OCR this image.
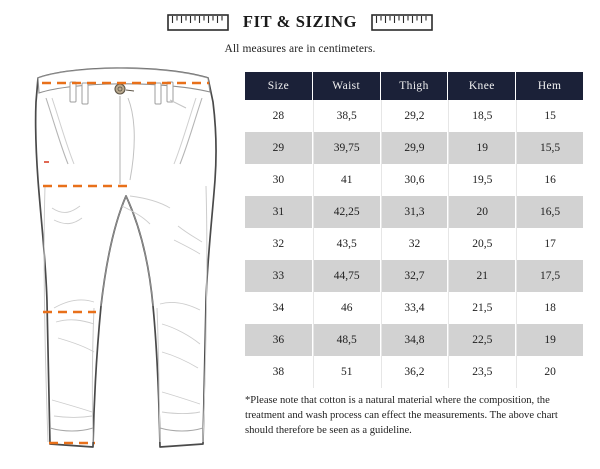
FIT & SIZING
All measures are in centimeters.
Size	Waist	Thigh	Knee	Hem
28	38,5	29,2	18,5	15
29	39,75	29,9	19	15,5
30	41	30,6	19,5	16
31	42,25	31,3	20	16,5
32	43,5	32	20,5	17
33	44,75	32,7	21	17,5
34	46	33,4	21,5	18
36	48,5	34,8	22,5	19
38	51	36,2	23,5	20
*Please note that cotton is a natural material where the composition, the treatment and wash process can effect the measurements. The above chart should therefore be seen as a guideline.
